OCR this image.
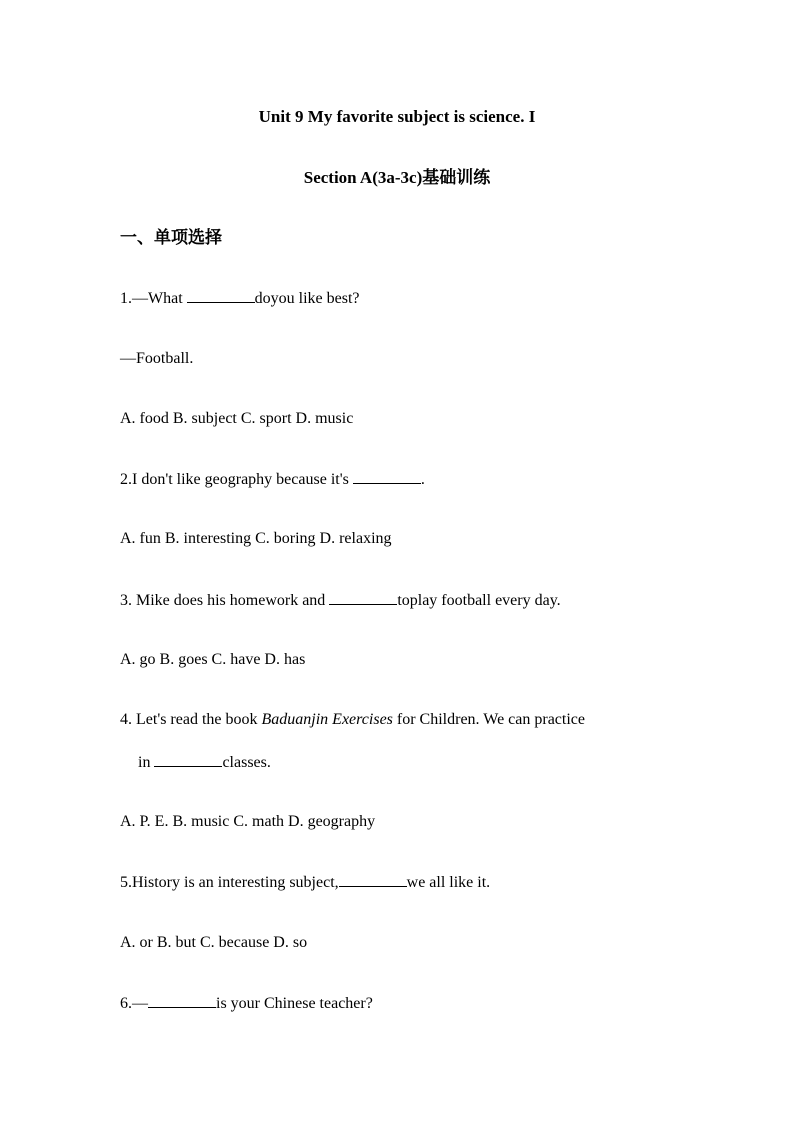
Unit 9 My favorite subject is science. I
Section A(3a-3c)基础训练
一、单项选择
1.—What	doyou like best?
—Football.
A. food B. subject C. sport D. music
2.I don't like geography because it's	.
A. fun B. interesting C. boring D. relaxing
3. Mike does his homework and	toplay football every day.
A. go B. goes C. have D. has
4. Let's read the book Baduanjin Exercises for Children. We can practice
in	classes.
A. P. E. B. music C. math D. geography
5.History is an interesting subject,	we all like it.
A. or B. but C. because D. so
6.—	is your Chinese teacher?
